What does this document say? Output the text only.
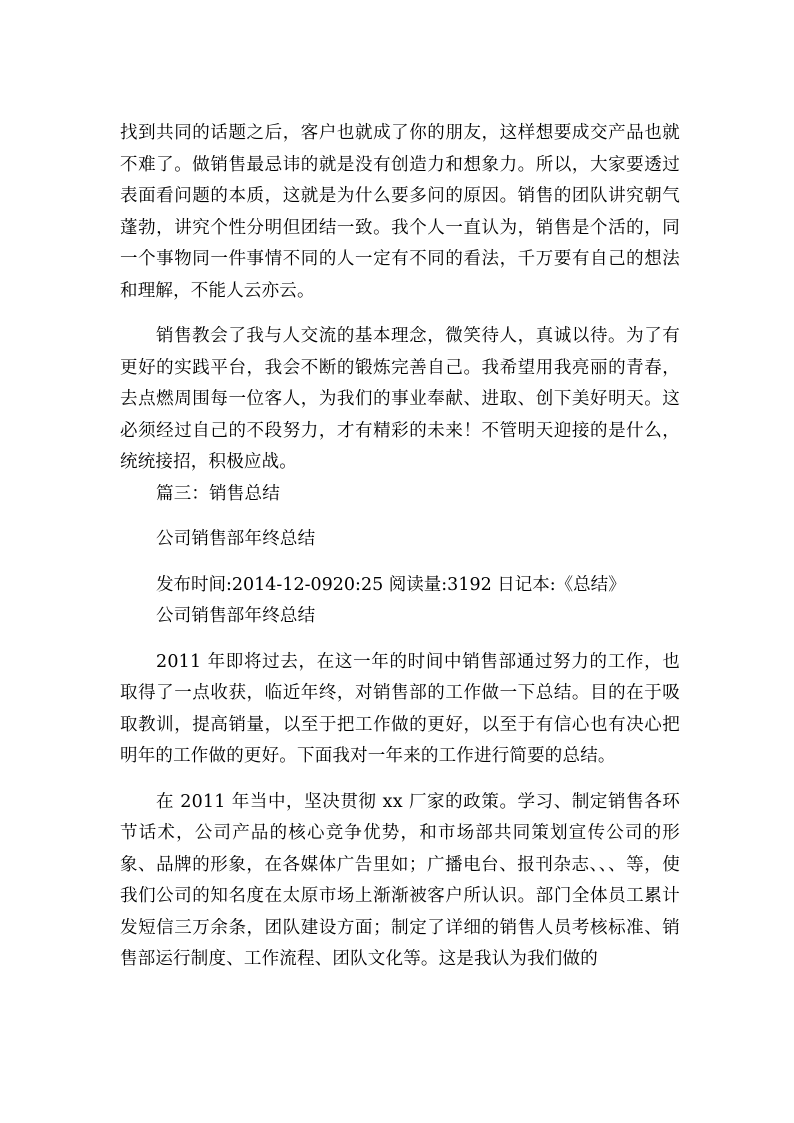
找到共同的话题之后，客户也就成了你的朋友，这样想要成交产品也就不难了。做销售最忌讳的就是没有创造力和想象力。所以，大家要透过表面看问题的本质，这就是为什么要多问的原因。销售的团队讲究朝气蓬勃，讲究个性分明但团结一致。我个人一直认为，销售是个活的，同一个事物同一件事情不同的人一定有不同的看法，千万要有自己的想法和理解，不能人云亦云。

销售教会了我与人交流的基本理念，微笑待人，真诚以待。为了有更好的实践平台，我会不断的锻炼完善自己。我希望用我亮丽的青春，去点燃周围每一位客人，为我们的事业奉献、进取、创下美好明天。这必须经过自己的不段努力，才有精彩的未来！不管明天迎接的是什么，统统接招，积极应战。

篇三：销售总结

公司销售部年终总结

发布时间:2014-12-0920:25 阅读量:3192 日记本:《总结》

公司销售部年终总结

2011 年即将过去，在这一年的时间中销售部通过努力的工作，也取得了一点收获，临近年终，对销售部的工作做一下总结。目的在于吸取教训，提高销量，以至于把工作做的更好，以至于有信心也有决心把明年的工作做的更好。下面我对一年来的工作进行简要的总结。

在 2011 年当中，坚决贯彻 xx 厂家的政策。学习、制定销售各环节话术，公司产品的核心竞争优势，和市场部共同策划宣传公司的形象、品牌的形象，在各媒体广告里如；广播电台、报刊杂志、、、等，使我们公司的知名度在太原市场上渐渐被客户所认识。部门全体员工累计发短信三万余条，团队建设方面；制定了详细的销售人员考核标准、销售部运行制度、工作流程、团队文化等。这是我认为我们做的
